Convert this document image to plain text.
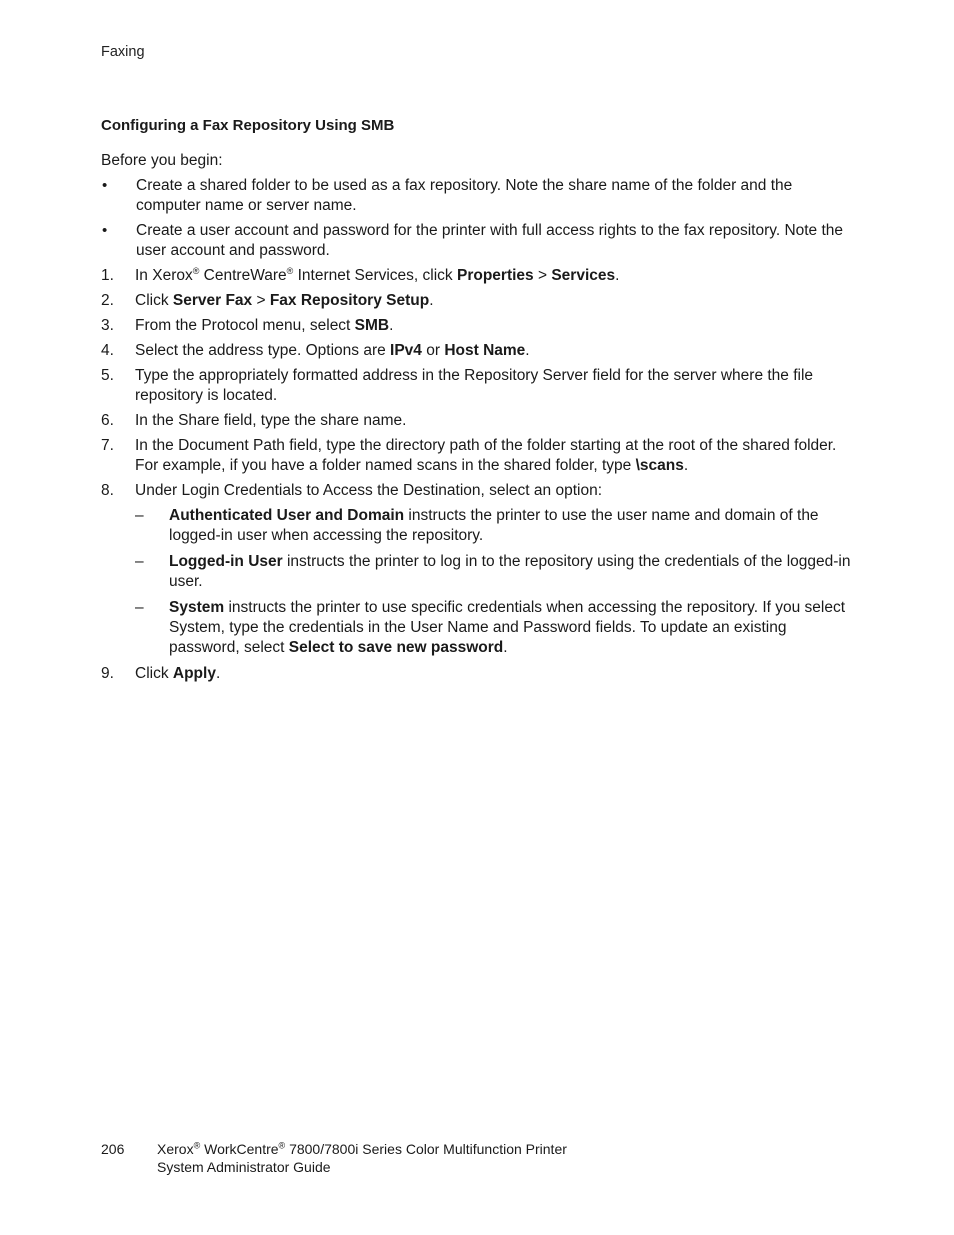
Faxing
Configuring a Fax Repository Using SMB

Before you begin:

•	Create a shared folder to be used as a fax repository. Note the share name of the folder and the computer name or server name.
•	Create a user account and password for the printer with full access rights to the fax repository. Note the user account and password.
1.	In Xerox® CentreWare® Internet Services, click Properties > Services.
2.	Click Server Fax > Fax Repository Setup.
3.	From the Protocol menu, select SMB.
4.	Select the address type. Options are IPv4 or Host Name.
5.	Type the appropriately formatted address in the Repository Server field for the server where the file repository is located.
6.	In the Share field, type the share name.
7.	In the Document Path field, type the directory path of the folder starting at the root of the shared folder. For example, if you have a folder named scans in the shared folder, type \scans.
8.	Under Login Credentials to Access the Destination, select an option:
–	Authenticated User and Domain instructs the printer to use the user name and domain of the logged-in user when accessing the repository.
–	Logged-in User instructs the printer to log in to the repository using the credentials of the logged-in user.
–	System instructs the printer to use specific credentials when accessing the repository. If you select System, type the credentials in the User Name and Password fields. To update an existing password, select Select to save new password.
9.	Click Apply.
206	Xerox® WorkCentre® 7800/7800i Series Color Multifunction Printer
System Administrator Guide
